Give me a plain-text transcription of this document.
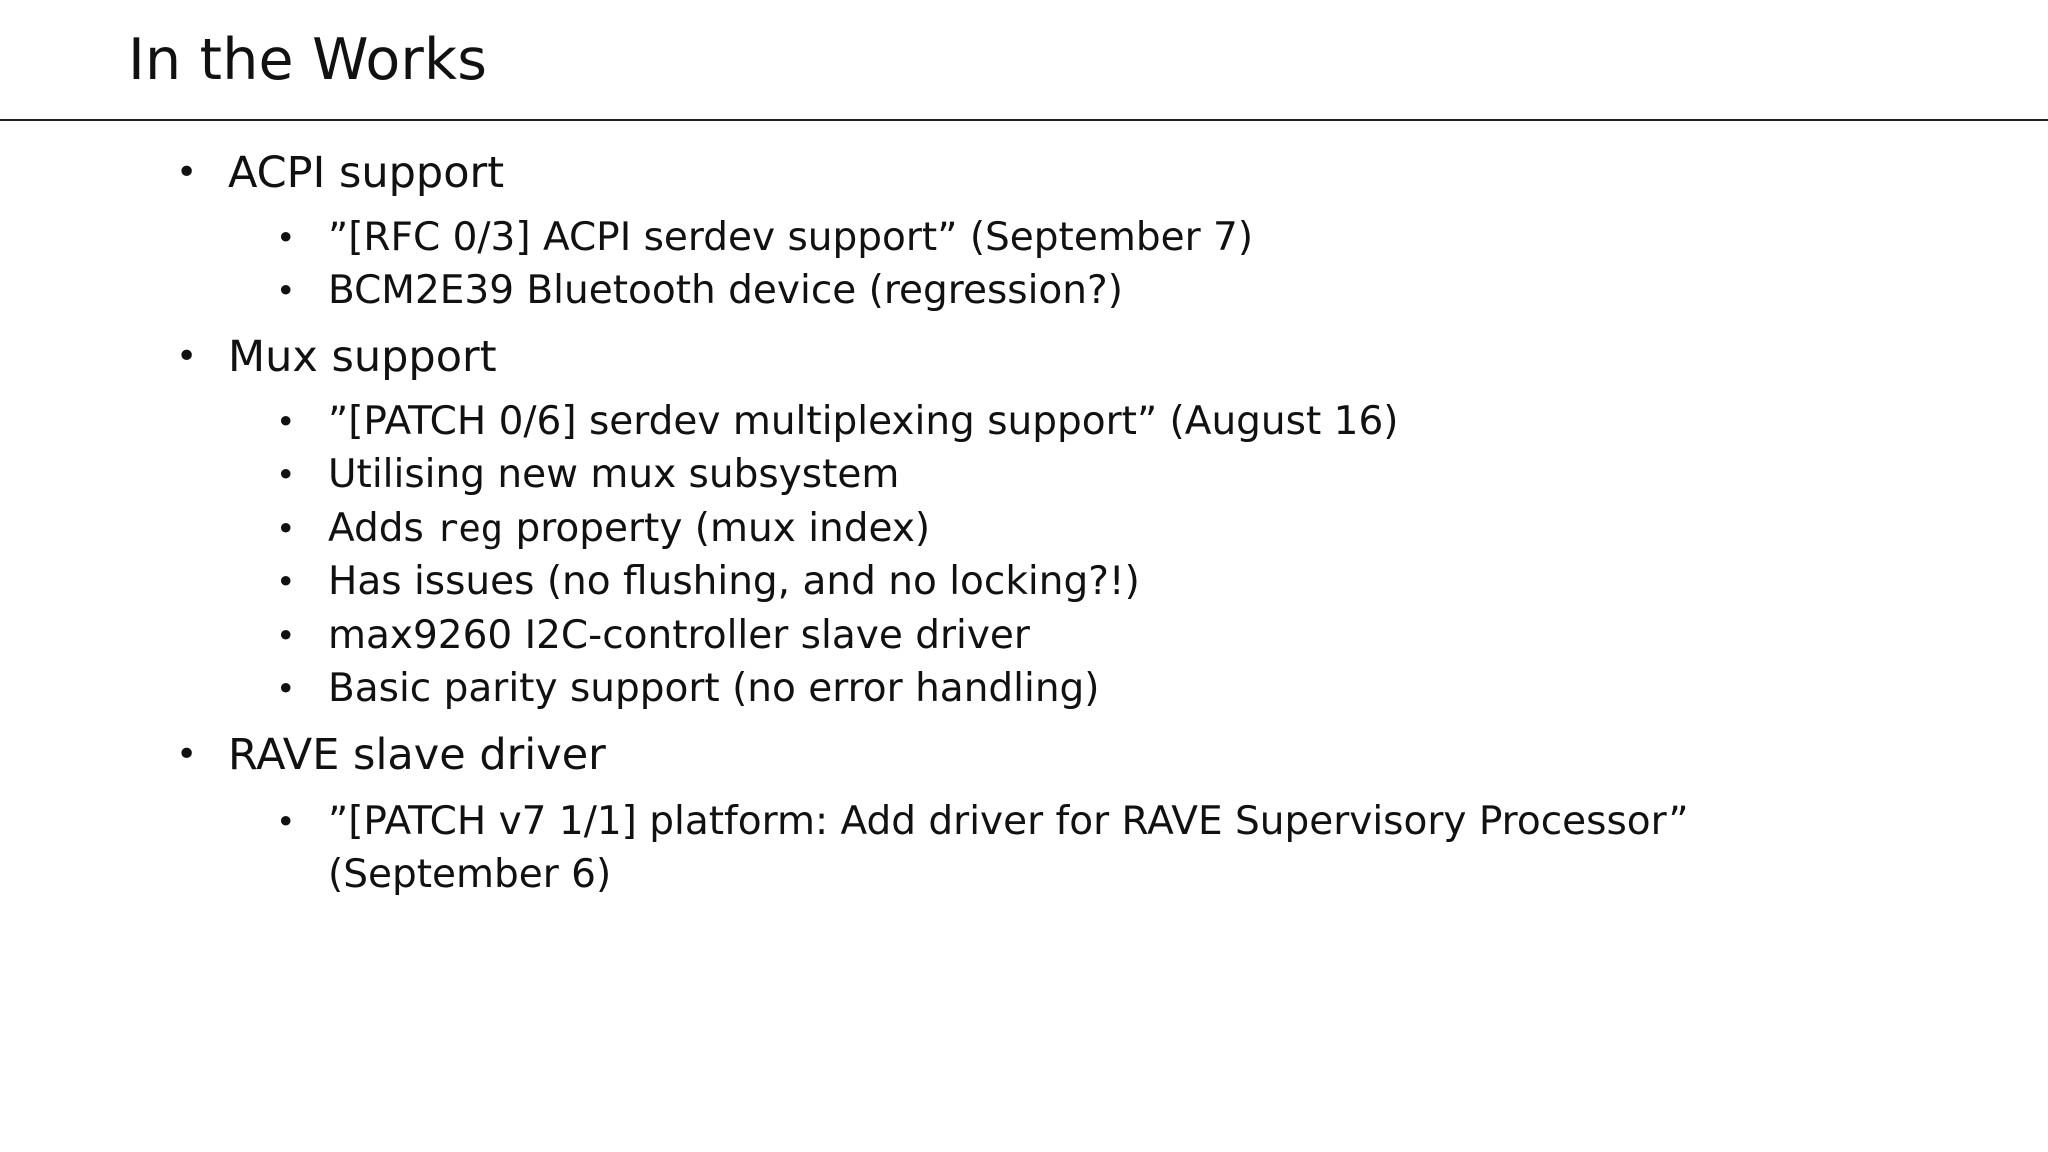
In the Works
• ACPI support
• ”[RFC 0/3] ACPI serdev support” (September 7)
• BCM2E39 Bluetooth device (regression?)
• Mux support
• ”[PATCH 0/6] serdev multiplexing support” (August 16)
• Utilising new mux subsystem
• Adds reg property (mux index)
• Has issues (no flushing, and no locking?!)
• max9260 I2C-controller slave driver
• Basic parity support (no error handling)
• RAVE slave driver
• ”[PATCH v7 1/1] platform: Add driver for RAVE Supervisory Processor”
(September 6)
